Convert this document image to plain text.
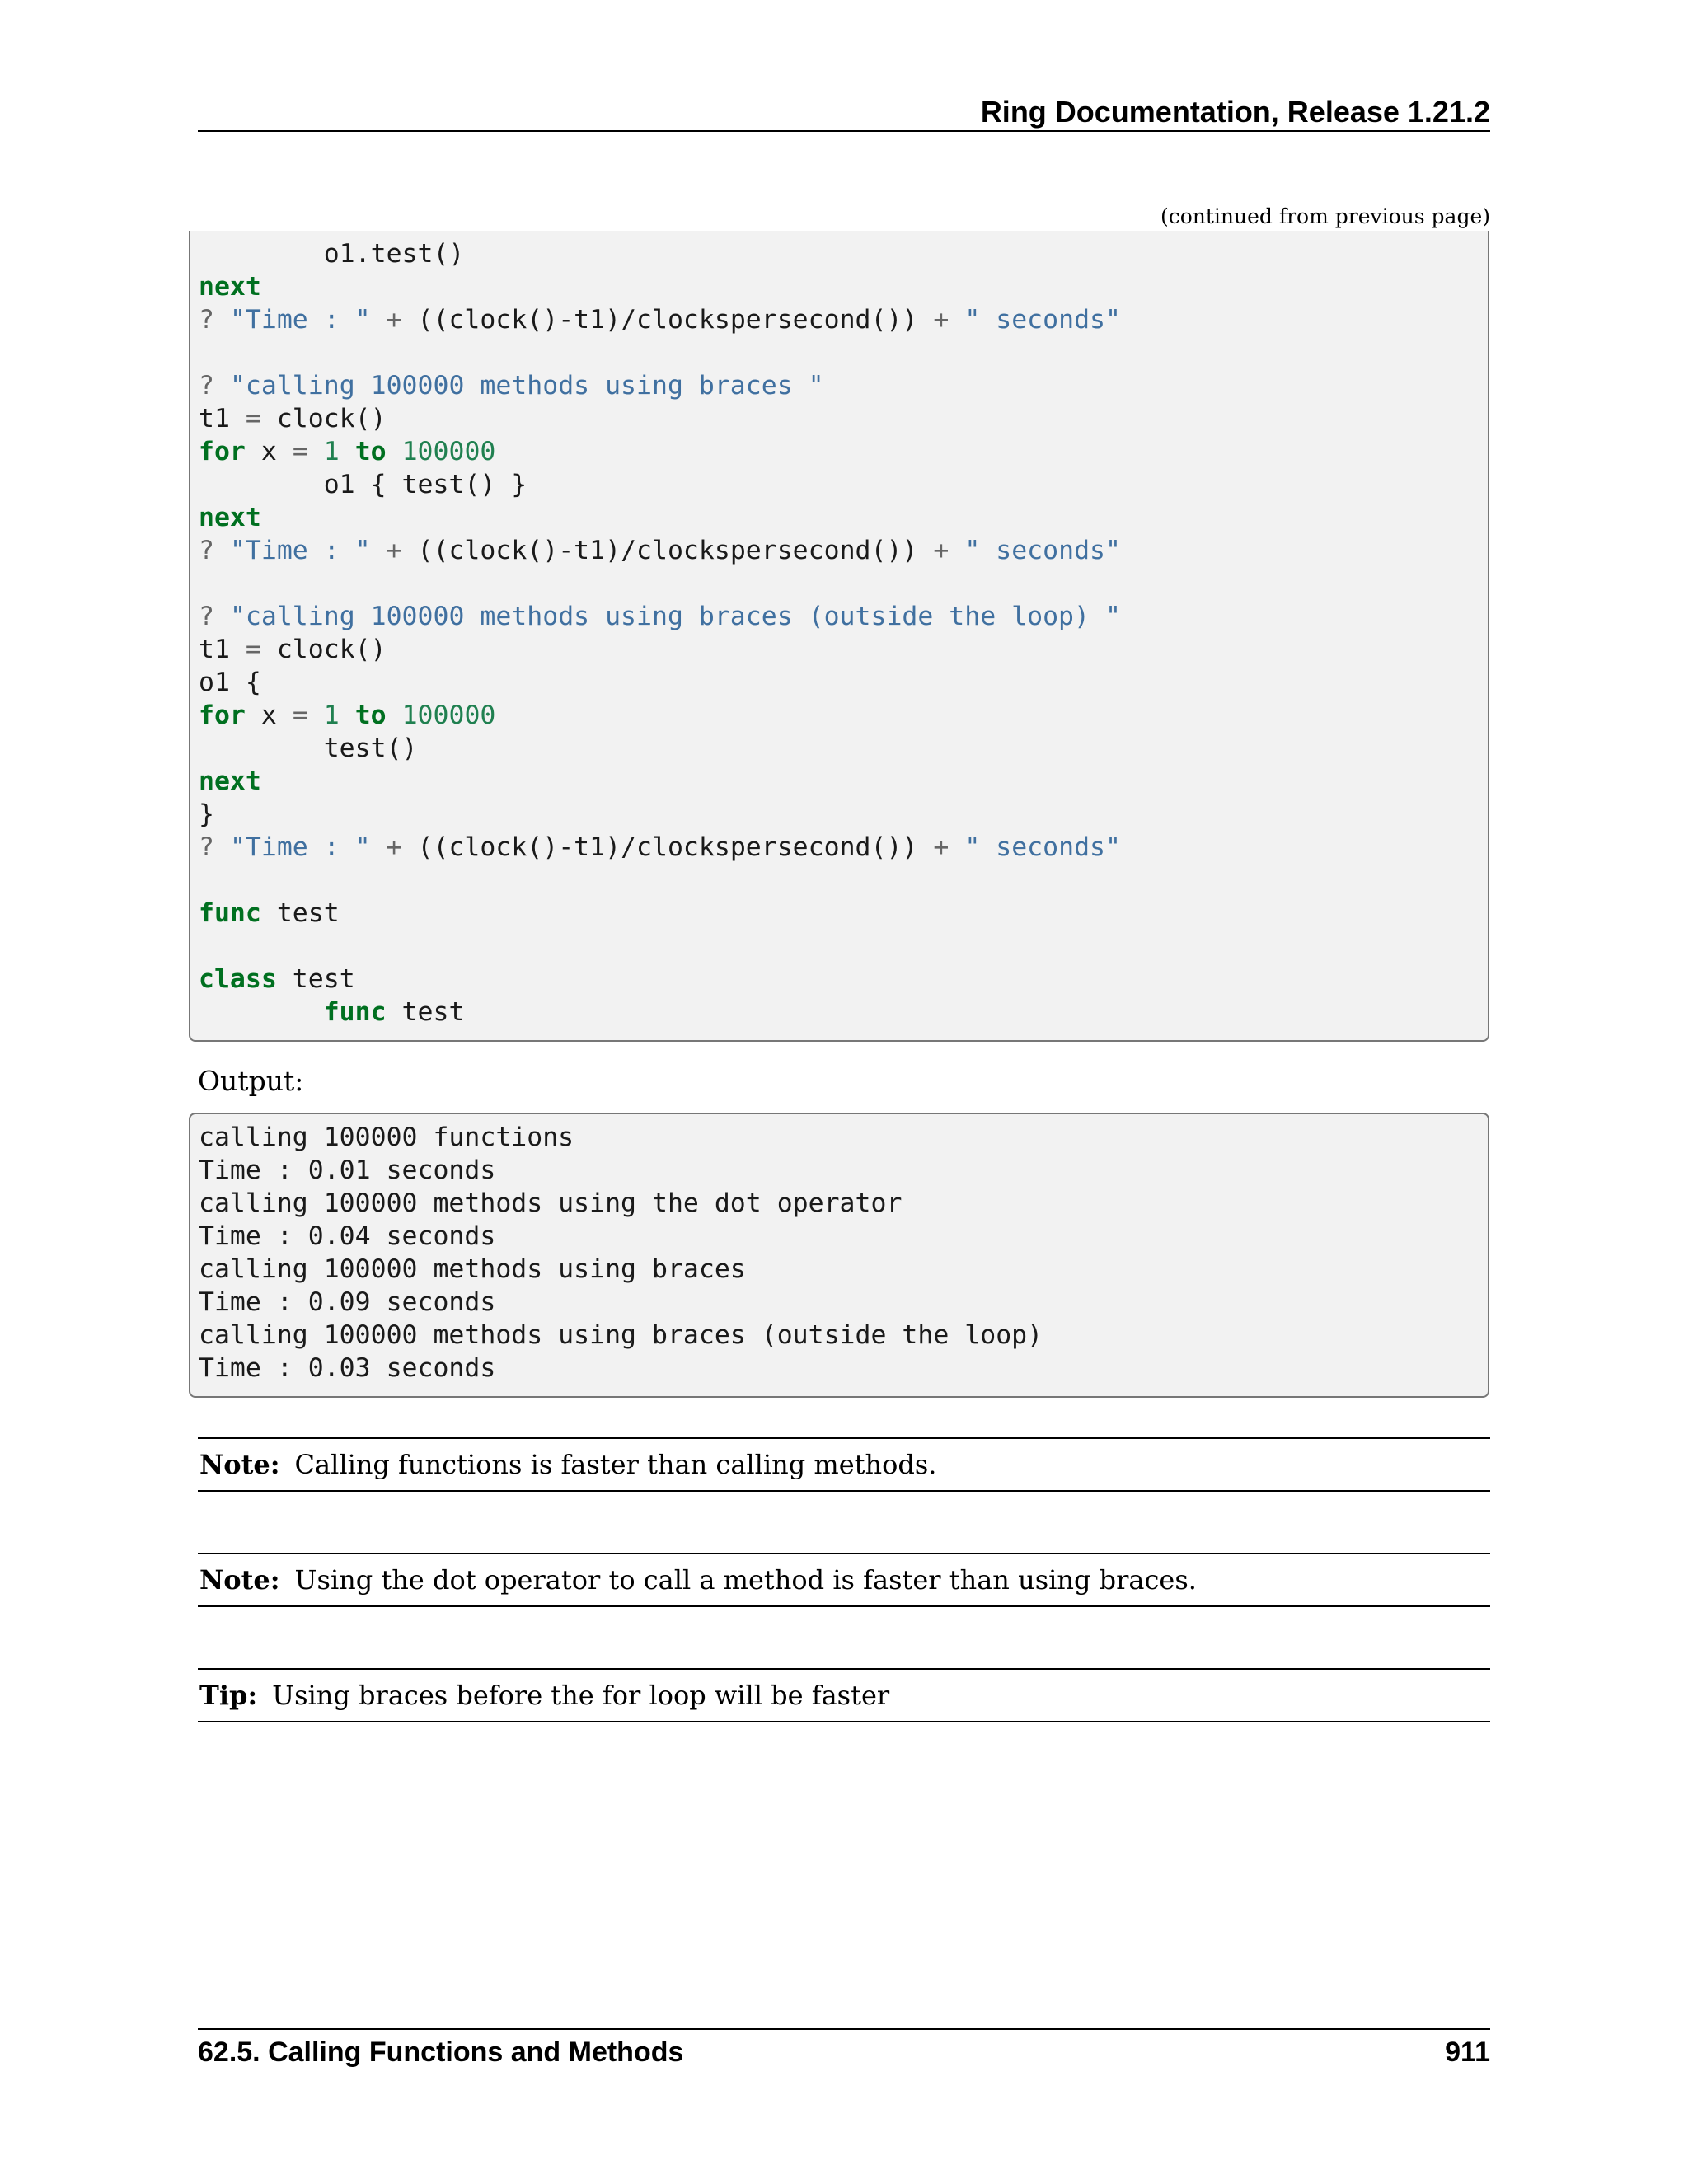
Ring Documentation, Release 1.21.2
(continued from previous page)
o1.test()
next
? "Time : " + ((clock()-t1)/clockspersecond()) + " seconds"

? "calling 100000 methods using braces "
t1 = clock()
for x = 1 to 100000
o1 { test() }
next
? "Time : " + ((clock()-t1)/clockspersecond()) + " seconds"

? "calling 100000 methods using braces (outside the loop) "
t1 = clock()
o1 {
for x = 1 to 100000
test()
next
}
? "Time : " + ((clock()-t1)/clockspersecond()) + " seconds"

func test

class test
func test
Output:
calling 100000 functions
Time : 0.01 seconds
calling 100000 methods using the dot operator
Time : 0.04 seconds
calling 100000 methods using braces
Time : 0.09 seconds
calling 100000 methods using braces (outside the loop)
Time : 0.03 seconds
Note: Calling functions is faster than calling methods.
Note: Using the dot operator to call a method is faster than using braces.
Tip: Using braces before the for loop will be faster
62.5. Calling Functions and Methods	911
